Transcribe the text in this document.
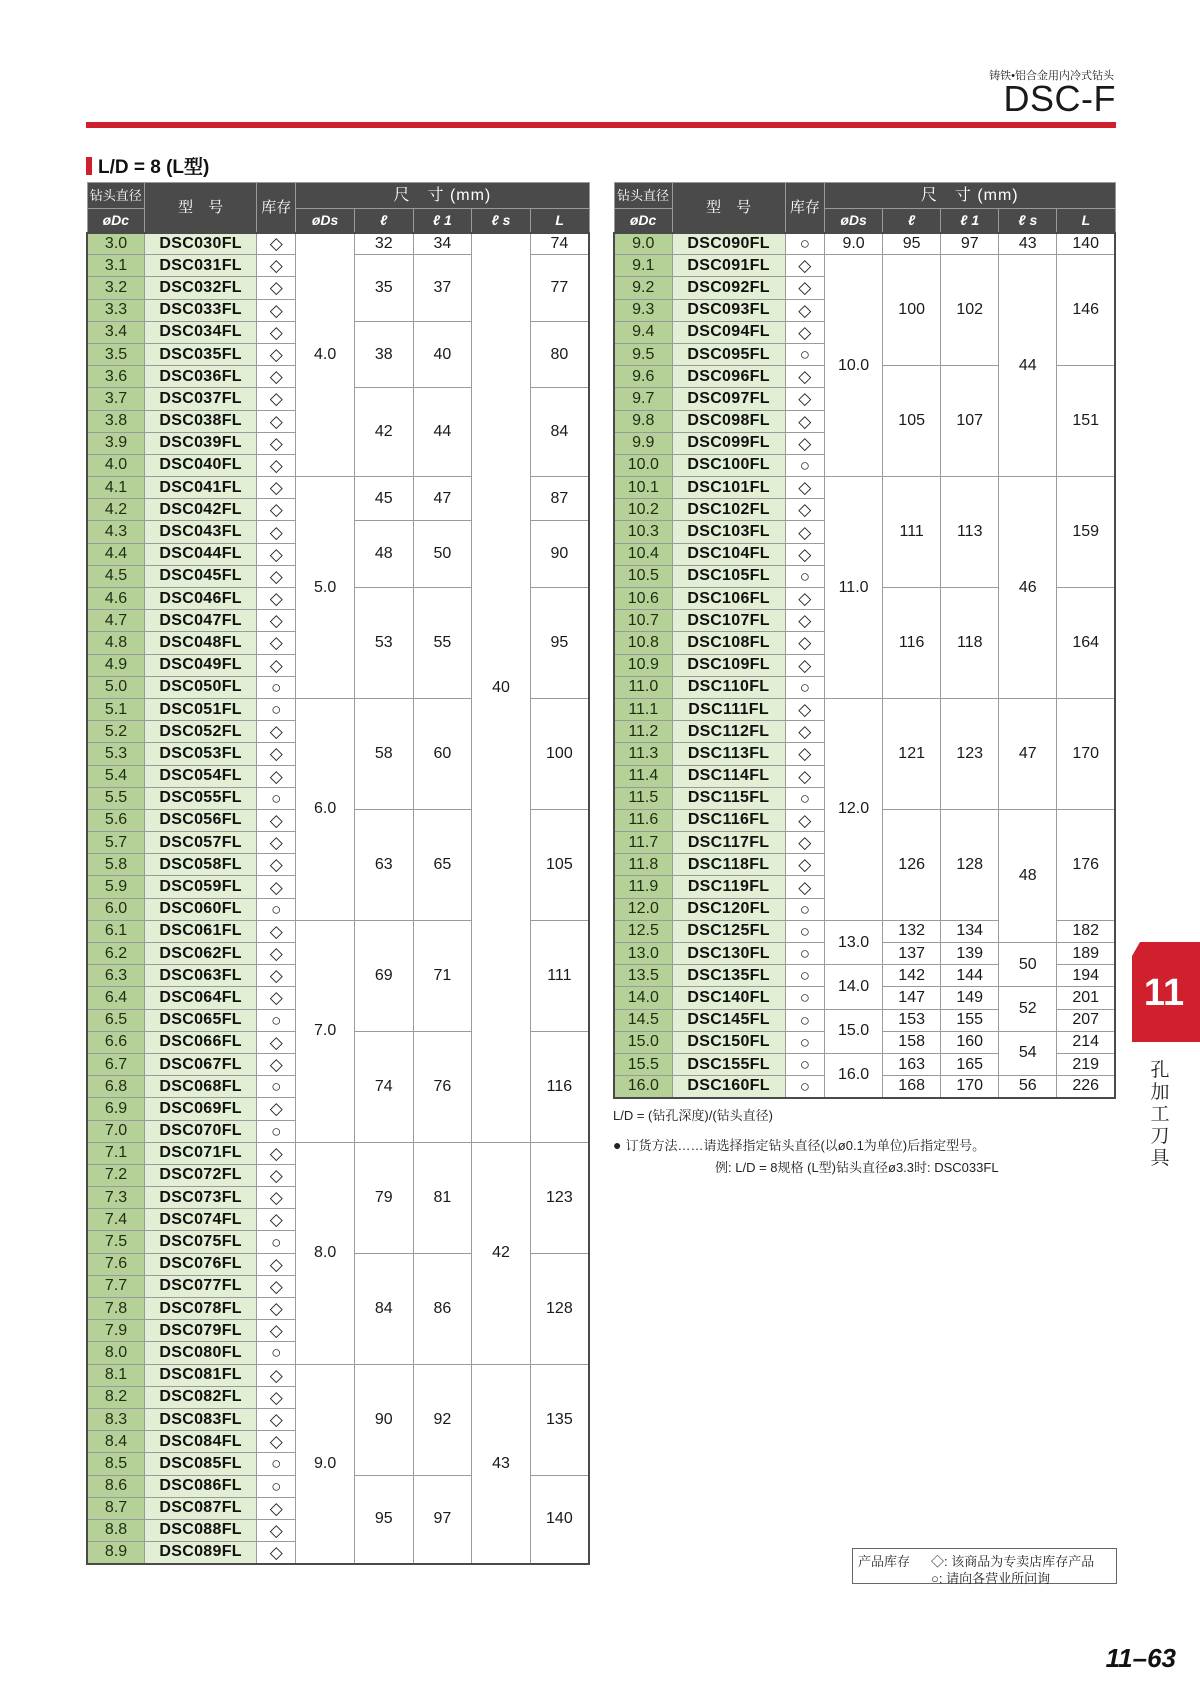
铸铁•铝合金用内冷式钻头
DSC-F
L/D = 8 (L型)
钻头直径	型　号	库存	尺　寸 (mm)				
øDc			øDs	ℓ	ℓ 1	ℓ s	L
3.0	DSC030FL	◇	4.0	32	34	40	74
3.1	DSC031FL	◇		35	37		77
3.2	DSC032FL	◇					
3.3	DSC033FL	◇					
3.4	DSC034FL	◇		38	40		80
3.5	DSC035FL	◇					
3.6	DSC036FL	◇					
3.7	DSC037FL	◇		42	44		84
3.8	DSC038FL	◇					
3.9	DSC039FL	◇					
4.0	DSC040FL	◇					
4.1	DSC041FL	◇	5.0	45	47		87
4.2	DSC042FL	◇					
4.3	DSC043FL	◇		48	50		90
4.4	DSC044FL	◇					
4.5	DSC045FL	◇					
4.6	DSC046FL	◇		53	55		95
4.7	DSC047FL	◇					
4.8	DSC048FL	◇					
4.9	DSC049FL	◇					
5.0	DSC050FL	○					
5.1	DSC051FL	○	6.0	58	60		100
5.2	DSC052FL	◇					
5.3	DSC053FL	◇					
5.4	DSC054FL	◇					
5.5	DSC055FL	○					
5.6	DSC056FL	◇		63	65		105
5.7	DSC057FL	◇					
5.8	DSC058FL	◇					
5.9	DSC059FL	◇					
6.0	DSC060FL	○					
6.1	DSC061FL	◇	7.0	69	71		111
6.2	DSC062FL	◇					
6.3	DSC063FL	◇					
6.4	DSC064FL	◇					
6.5	DSC065FL	○					
6.6	DSC066FL	◇		74	76		116
6.7	DSC067FL	◇					
6.8	DSC068FL	○					
6.9	DSC069FL	◇					
7.0	DSC070FL	○					
7.1	DSC071FL	◇	8.0	79	81	42	123
7.2	DSC072FL	◇					
7.3	DSC073FL	◇					
7.4	DSC074FL	◇					
7.5	DSC075FL	○					
7.6	DSC076FL	◇		84	86		128
7.7	DSC077FL	◇					
7.8	DSC078FL	◇					
7.9	DSC079FL	◇					
8.0	DSC080FL	○					
8.1	DSC081FL	◇	9.0	90	92	43	135
8.2	DSC082FL	◇					
8.3	DSC083FL	◇					
8.4	DSC084FL	◇					
8.5	DSC085FL	○					
8.6	DSC086FL	○		95	97		140
8.7	DSC087FL	◇					
8.8	DSC088FL	◇					
8.9	DSC089FL	◇					
钻头直径	型　号	库存	尺　寸 (mm)				
øDc			øDs	ℓ	ℓ 1	ℓ s	L
9.0	DSC090FL	○	9.0	95	97	43	140
9.1	DSC091FL	◇	10.0	100	102	44	146
9.2	DSC092FL	◇					
9.3	DSC093FL	◇					
9.4	DSC094FL	◇					
9.5	DSC095FL	○					
9.6	DSC096FL	◇		105	107		151
9.7	DSC097FL	◇					
9.8	DSC098FL	◇					
9.9	DSC099FL	◇					
10.0	DSC100FL	○					
10.1	DSC101FL	◇	11.0	111	113	46	159
10.2	DSC102FL	◇					
10.3	DSC103FL	◇					
10.4	DSC104FL	◇					
10.5	DSC105FL	○					
10.6	DSC106FL	◇		116	118		164
10.7	DSC107FL	◇					
10.8	DSC108FL	◇					
10.9	DSC109FL	◇					
11.0	DSC110FL	○					
11.1	DSC111FL	◇	12.0	121	123	47	170
11.2	DSC112FL	◇					
11.3	DSC113FL	◇					
11.4	DSC114FL	◇					
11.5	DSC115FL	○					
11.6	DSC116FL	◇		126	128	48	176
11.7	DSC117FL	◇					
11.8	DSC118FL	◇					
11.9	DSC119FL	◇					
12.0	DSC120FL	○					
12.5	DSC125FL	○	13.0	132	134		182
13.0	DSC130FL	○		137	139	50	189
13.5	DSC135FL	○	14.0	142	144		194
14.0	DSC140FL	○		147	149	52	201
14.5	DSC145FL	○	15.0	153	155		207
15.0	DSC150FL	○		158	160	54	214
15.5	DSC155FL	○	16.0	163	165		219
16.0	DSC160FL	○		168	170	56	226
L/D = (钻孔深度)/(钻头直径)
● 订货方法……请选择指定钻头直径(以ø0.1为单位)后指定型号。
例: L/D = 8规格 (L型)钻头直径ø3.3时: DSC033FL
11
孔加工刀具
产品库存 ◇: 该商品为专卖店库存产品
○: 请向各营业所问询
11–63
